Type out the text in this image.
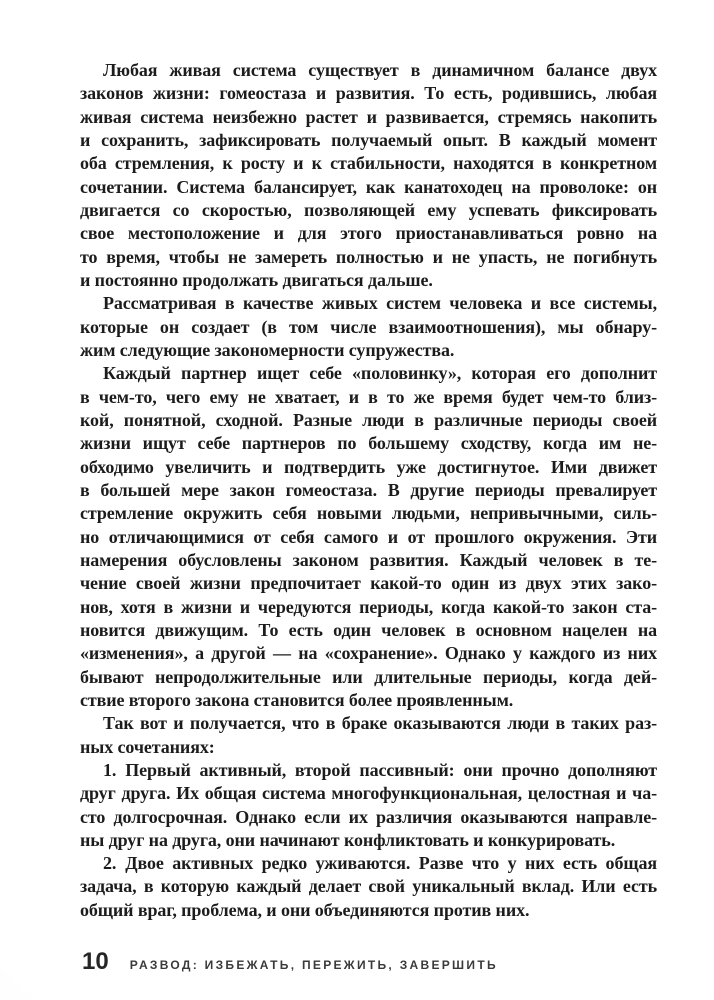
Любая живая система существует в динамичном балансе двух
законов жизни: гомеостаза и развития. То есть, родившись, любая
живая система неизбежно растет и развивается, стремясь накопить
и сохранить, зафиксировать получаемый опыт. В каждый момент
оба стремления, к росту и к стабильности, находятся в конкретном
сочетании. Система балансирует, как канатоходец на проволоке: он
двигается со скоростью, позволяющей ему успевать фиксировать
свое местоположение и для этого приостанавливаться ровно на
то время, чтобы не замереть полностью и не упасть, не погибнуть
и постоянно продолжать двигаться дальше.
Рассматривая в качестве живых систем человека и все системы,
которые он создает (в том числе взаимоотношения), мы обнару-
жим следующие закономерности супружества.
Каждый партнер ищет себе «половинку», которая его дополнит
в чем-то, чего ему не хватает, и в то же время будет чем-то близ-
кой, понятной, сходной. Разные люди в различные периоды своей
жизни ищут себе партнеров по большему сходству, когда им не-
обходимо увеличить и подтвердить уже достигнутое. Ими движет
в большей мере закон гомеостаза. В другие периоды превалирует
стремление окружить себя новыми людьми, непривычными, силь-
но отличающимися от себя самого и от прошлого окружения. Эти
намерения обусловлены законом развития. Каждый человек в те-
чение своей жизни предпочитает какой-то один из двух этих зако-
нов, хотя в жизни и чередуются периоды, когда какой-то закон ста-
новится движущим. То есть один человек в основном нацелен на
«изменения», а другой — на «сохранение». Однако у каждого из них
бывают непродолжительные или длительные периоды, когда дей-
ствие второго закона становится более проявленным.
Так вот и получается, что в браке оказываются люди в таких раз-
ных сочетаниях:
1. Первый активный, второй пассивный: они прочно дополняют
друг друга. Их общая система многофункциональная, целостная и ча-
сто долгосрочная. Однако если их различия оказываются направле-
ны друг на друга, они начинают конфликтовать и конкурировать.
2. Двое активных редко уживаются. Разве что у них есть общая
задача, в которую каждый делает свой уникальный вклад. Или есть
общий враг, проблема, и они объединяются против них.
10 РАЗВОД: ИЗБЕЖАТЬ, ПЕРЕЖИТЬ, ЗАВЕРШИТЬ
